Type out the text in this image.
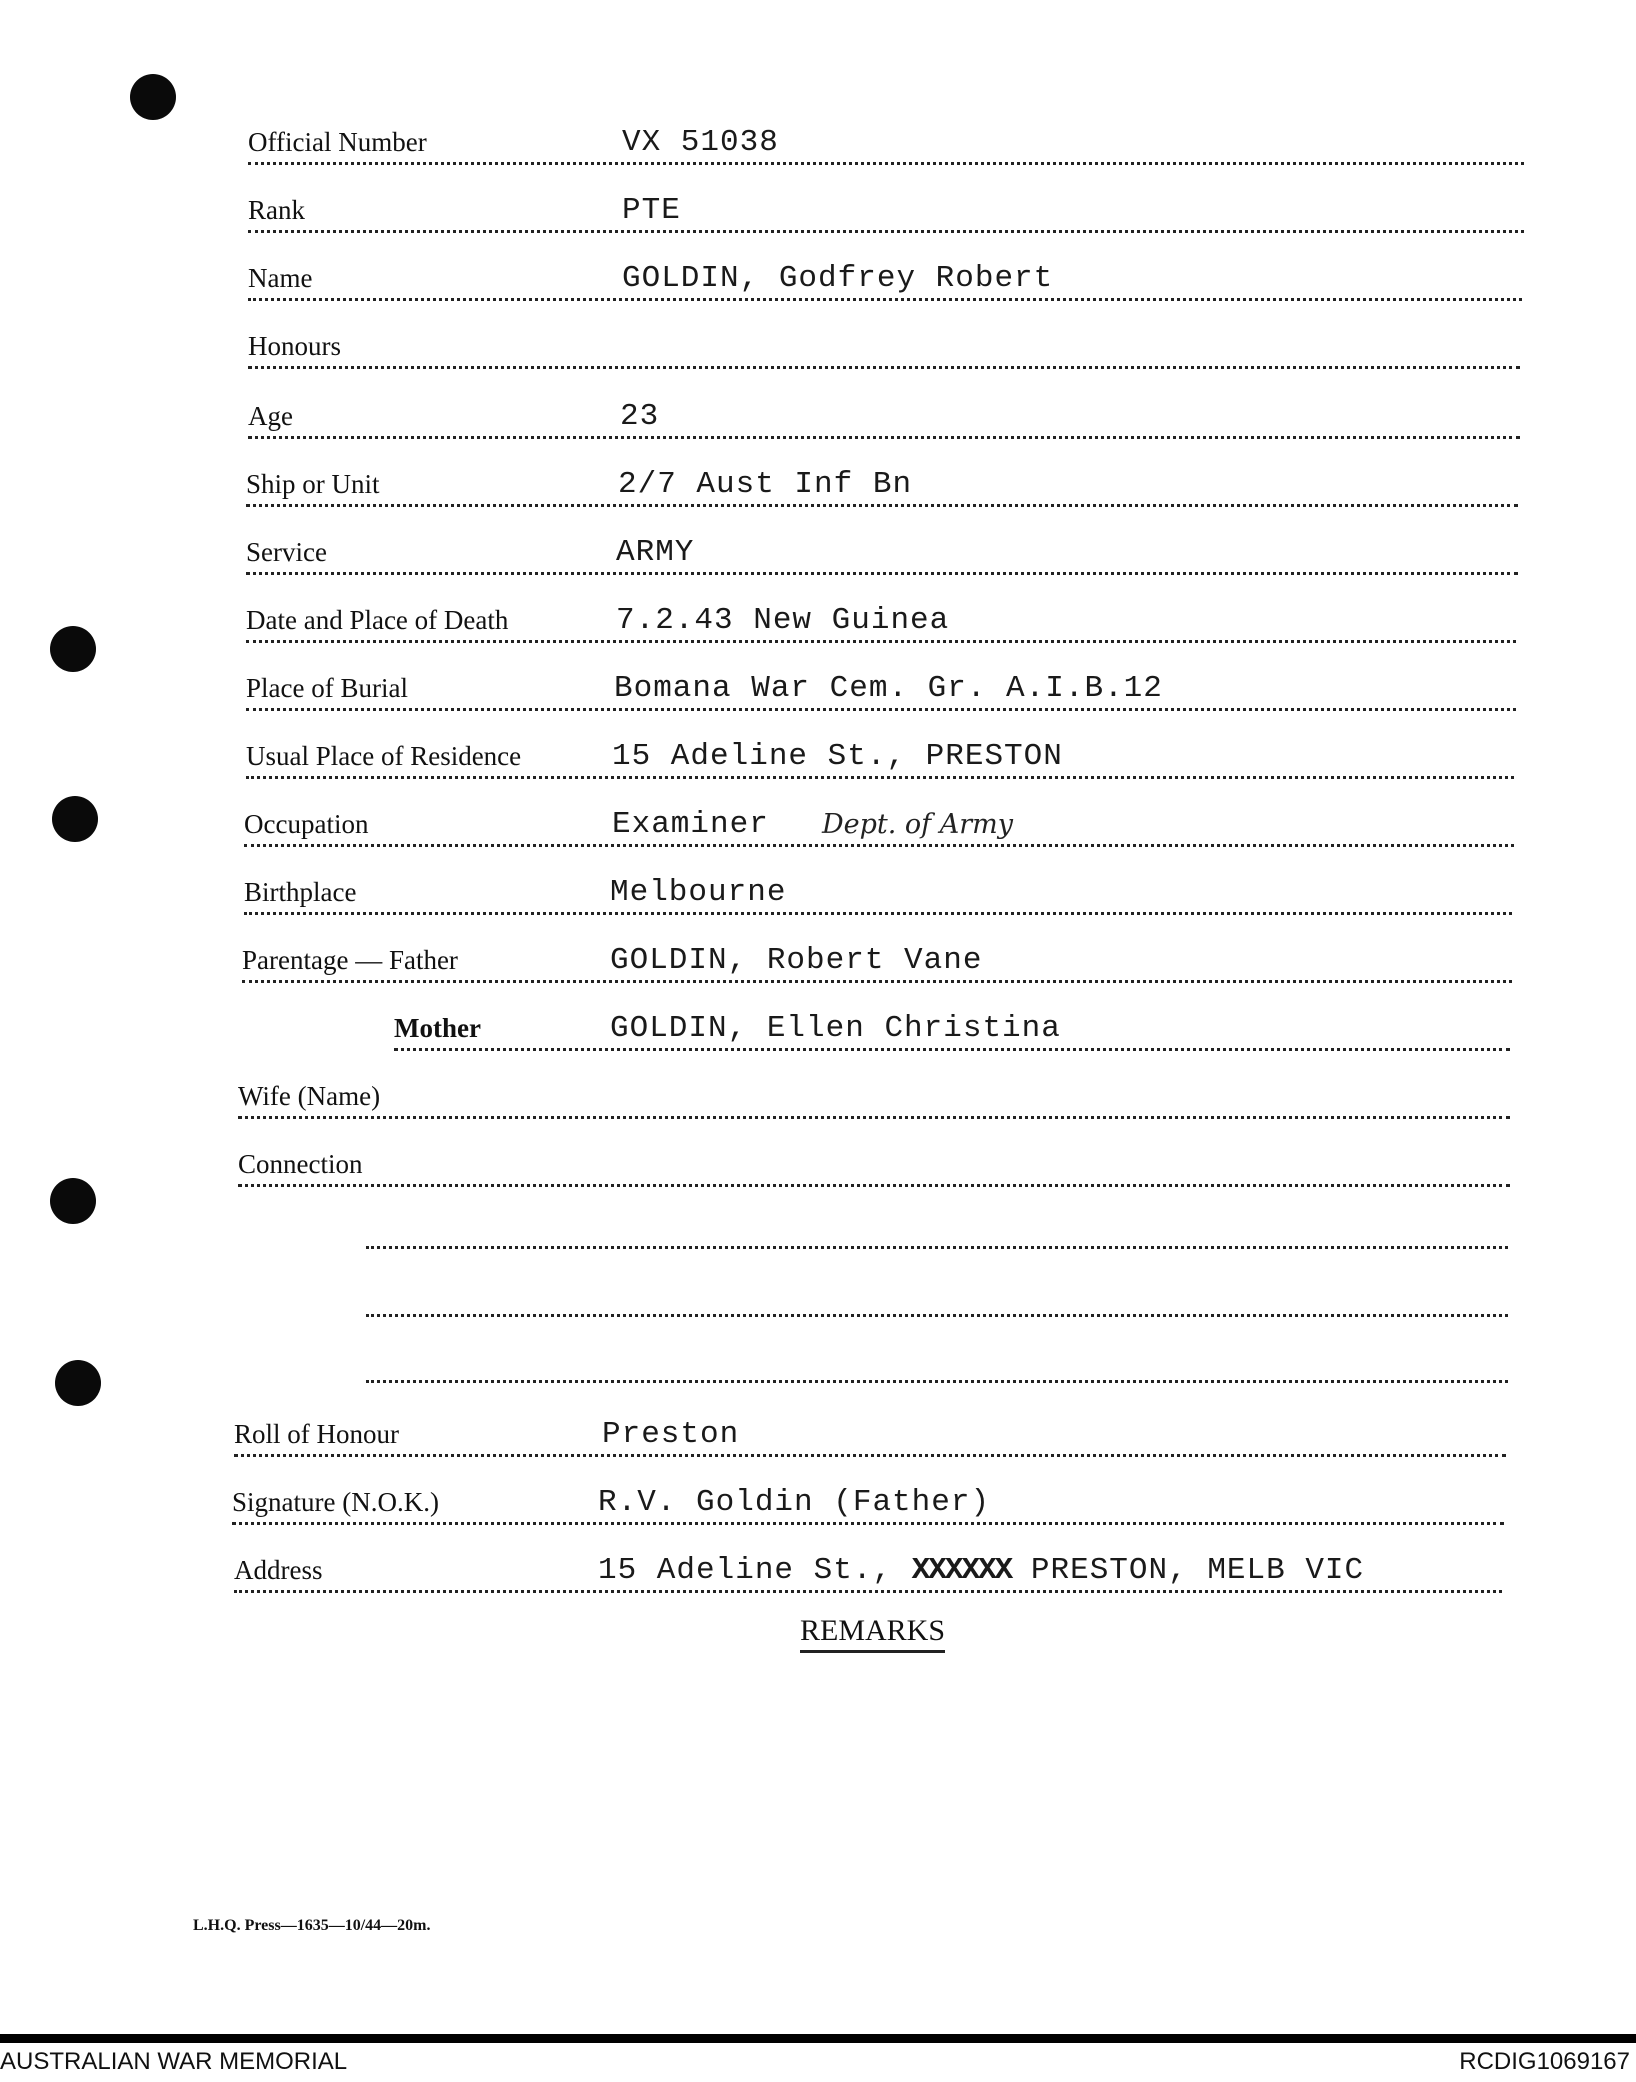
Official Number	VX 51038
Rank	PTE
Name	GOLDIN, Godfrey Robert
Honours
Age	23
Ship or Unit	2/7 Aust Inf Bn
Service	ARMY
Date and Place of Death	7.2.43 New Guinea
Place of Burial	Bomana War Cem. Gr. A.I.B.12
Usual Place of Residence	15 Adeline St., PRESTON
Occupation	Examiner Dept. of Army
Birthplace	Melbourne
Parentage — Father	GOLDIN, Robert Vane
Mother	GOLDIN, Ellen Christina
Wife (Name)
Connection
Roll of Honour	Preston
Signature (N.O.K.)	R.V. Goldin (Father)
Address	15 Adeline St., XXXXXX PRESTON, MELB VIC
REMARKS
L.H.Q. Press—1635—10/44—20m.
AUSTRALIAN WAR MEMORIAL	RCDIG1069167
